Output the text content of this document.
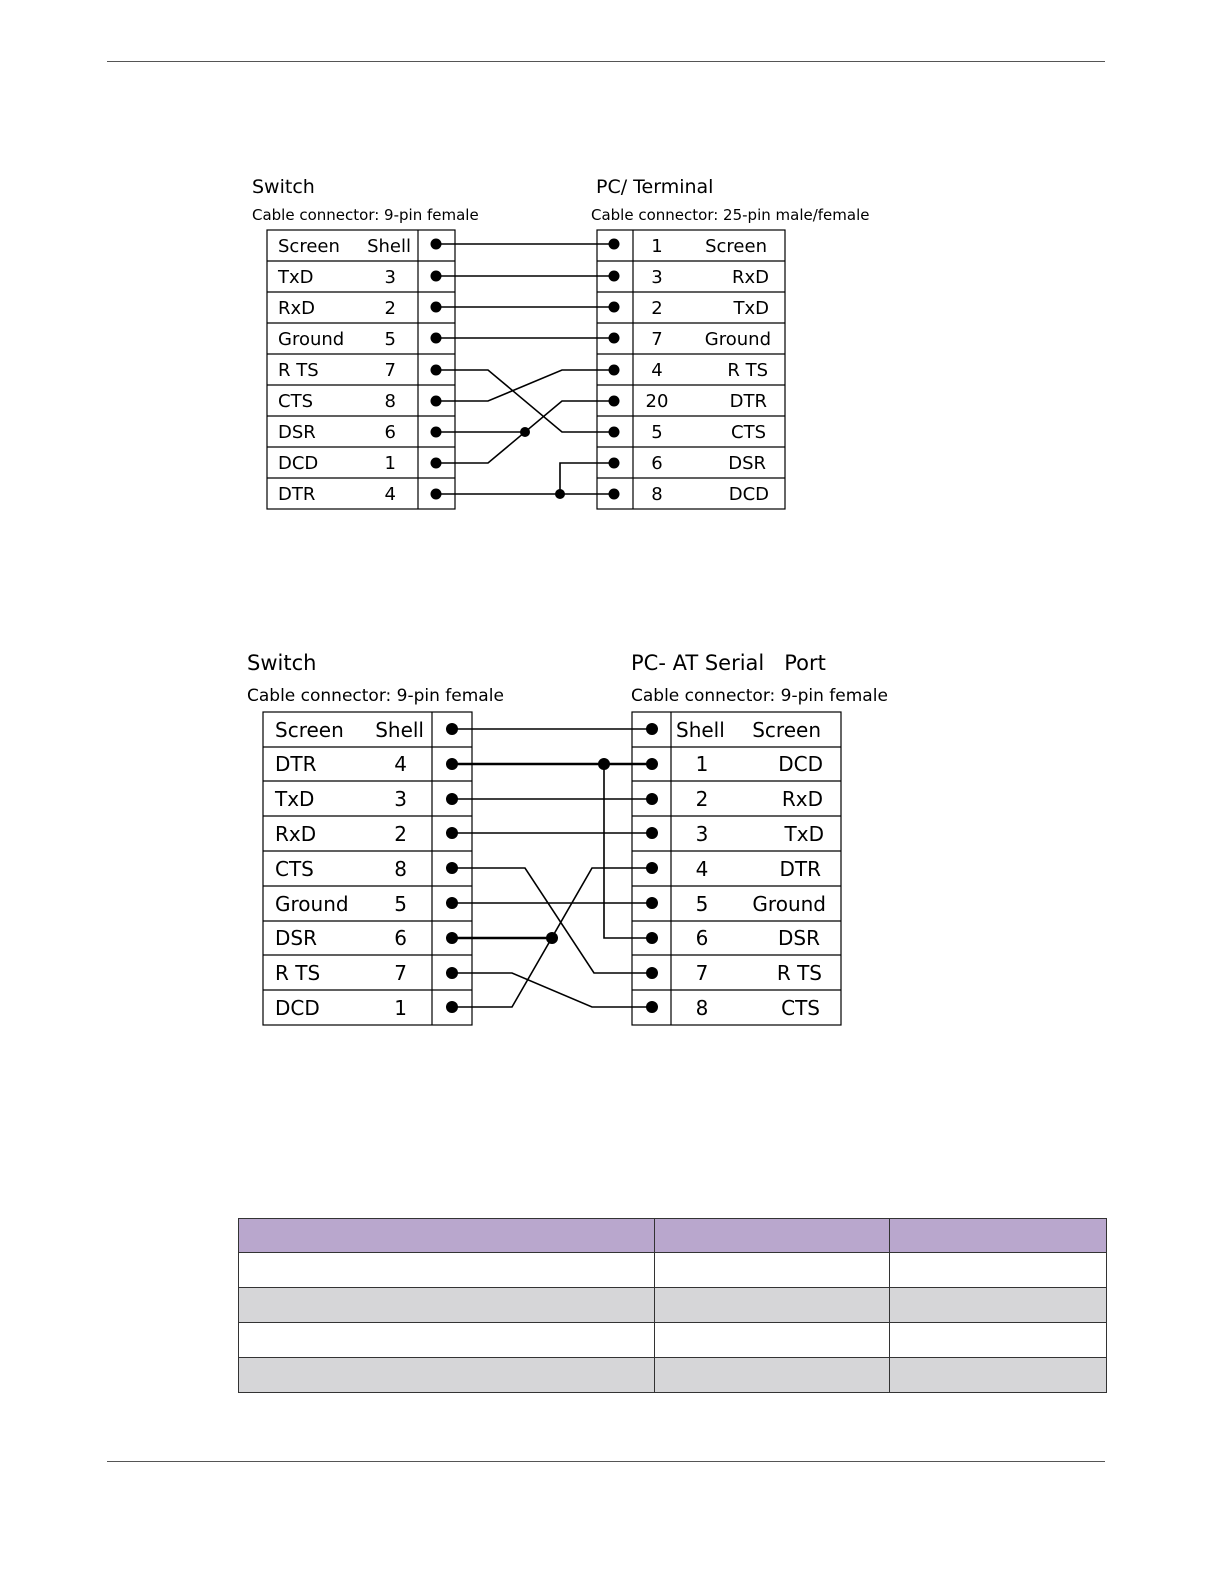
Switch
Cable connector: 9-pin female
PC/ Terminal
Cable connector: 25-pin male/female
Screen Shell
TxD	3
RxD	2
Ground 5
R TS	7
CTS	8
DSR	6
DCD	1
DTR	4
1 Screen
3	RxD
2	TxD
7 Ground
4	R TS
20	DTR
5	CTS
6	DSR
8	DCD
Switch
Cable connector: 9-pin female
PC- AT Serial   Port
Cable connector: 9-pin female
Screen Shell
DTR	4
TxD	3
RxD	2
CTS	8
Ground 5
DSR	6
R TS	7
DCD	1
Shell Screen
1	DCD
2	RxD
3	TxD
4	DTR
5 Ground
6	DSR
7	R TS
8	CTS
